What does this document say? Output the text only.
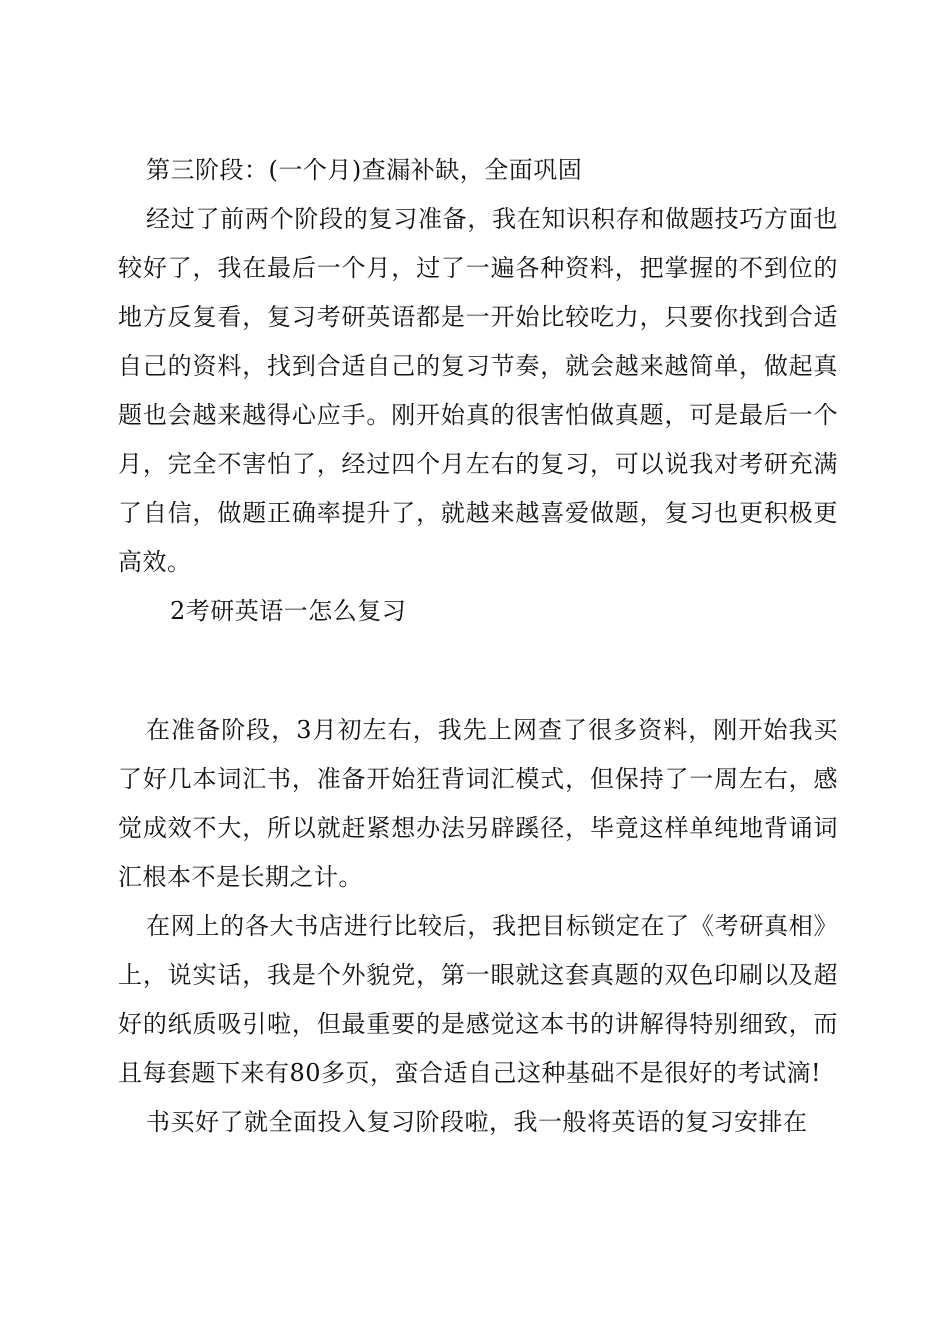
第三阶段：(一个月)查漏补缺，全面巩固

经过了前两个阶段的复习准备，我在知识积存和做题技巧方面也较好了，我在最后一个月，过了一遍各种资料，把掌握的不到位的地方反复看，复习考研英语都是一开始比较吃力，只要你找到合适自己的资料，找到合适自己的复习节奏，就会越来越简单，做起真题也会越来越得心应手。刚开始真的很害怕做真题，可是最后一个月，完全不害怕了，经过四个月左右的复习，可以说我对考研充满了自信，做题正确率提升了，就越来越喜爱做题，复习也更积极更高效。

2考研英语一怎么复习

在准备阶段，3月初左右，我先上网查了很多资料，刚开始我买了好几本词汇书，准备开始狂背词汇模式，但保持了一周左右，感觉成效不大，所以就赶紧想办法另辟蹊径，毕竟这样单纯地背诵词汇根本不是长期之计。

在网上的各大书店进行比较后，我把目标锁定在了《考研真相》上，说实话，我是个外貌党，第一眼就这套真题的双色印刷以及超好的纸质吸引啦，但最重要的是感觉这本书的讲解得特别细致，而且每套题下来有80多页，蛮合适自己这种基础不是很好的考试滴!

书买好了就全面投入复习阶段啦，我一般将英语的复习安排在
